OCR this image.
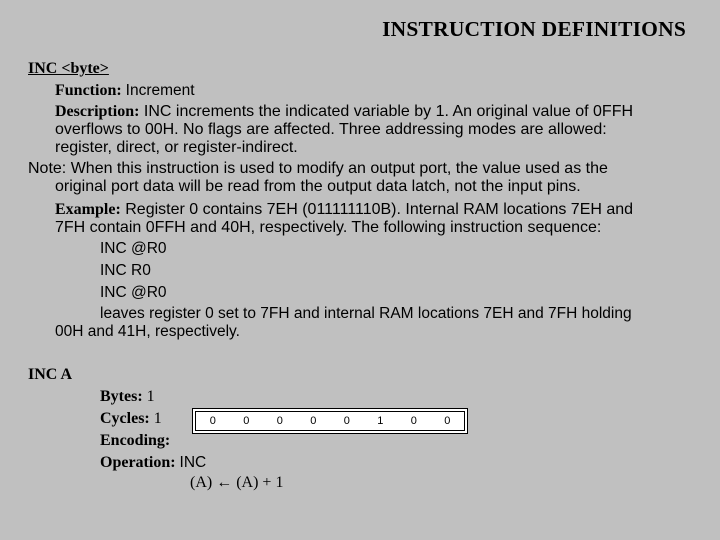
INSTRUCTION DEFINITIONS
INC <byte>
Function: Increment
Description: INC increments the indicated variable by 1. An original value of 0FFH
overflows to 00H. No flags are affected. Three addressing modes are allowed:
register, direct, or register-indirect.
Note: When this instruction is used to modify an output port, the value used as the
original port data will be read from the output data latch, not the input pins.
Example: Register 0 contains 7EH (011111110B). Internal RAM locations 7EH and
7FH contain 0FFH and 40H, respectively. The following instruction sequence:
INC @R0
INC R0
INC @R0
leaves register 0 set to 7FH and internal RAM locations 7EH and 7FH holding
00H and 41H, respectively.
INC A
Bytes: 1
Cycles: 1	0	0	0	0	0	1	0	0
Encoding:
Operation: INC
(A) ← (A) + 1
